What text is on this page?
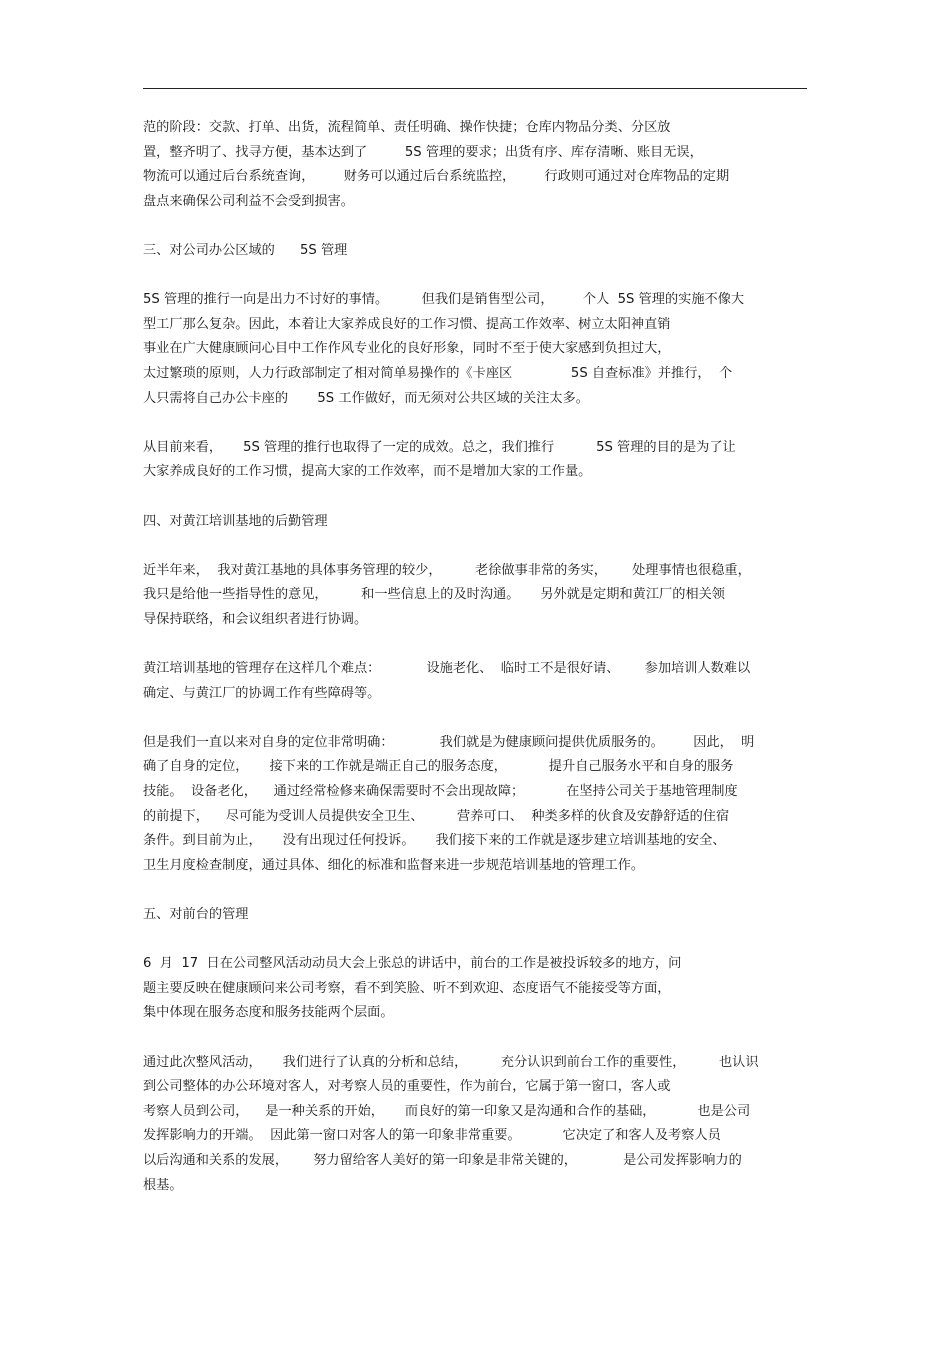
范的阶段：交款、打单、出货，流程简单、责任明确、操作快捷；仓库内物品分类、分区放
置，整齐明了、找寻方便，基本达到了         5S 管理的要求；出货有序、库存清晰、账目无误，
物流可以通过后台系统查询，       财务可以通过后台系统监控，       行政则可通过对仓库物品的定期
盘点来确保公司利益不会受到损害。
三、对公司办公区域的      5S 管理
5S 管理的推行一向是出力不讨好的事情。        但我们是销售型公司，       个人  5S 管理的实施不像大
型工厂那么复杂。因此，本着让大家养成良好的工作习惯、提高工作效率、树立太阳神直销
事业在广大健康顾问心目中工作作风专业化的良好形象，同时不至于使大家感到负担过大，
太过繁琐的原则，人力行政部制定了相对简单易操作的《卡座区              5S 自查标准》并推行，  个
人只需将自己办公卡座的       5S 工作做好，而无须对公共区域的关注太多。
从目前来看，     5S 管理的推行也取得了一定的成效。总之，我们推行          5S 管理的目的是为了让
大家养成良好的工作习惯，提高大家的工作效率，而不是增加大家的工作量。
四、对黄江培训基地的后勤管理
近半年来，  我对黄江基地的具体事务管理的较少，        老徐做事非常的务实，      处理事情也很稳重，
我只是给他一些指导性的意见，        和一些信息上的及时沟通。     另外就是定期和黄江厂的相关领
导保持联络，和会议组织者进行协调。
黄江培训基地的管理存在这样几个难点：           设施老化、  临时工不是很好请、      参加培训人数难以
确定、与黄江厂的协调工作有些障碍等。
但是我们一直以来对自身的定位非常明确：           我们就是为健康顾问提供优质服务的。       因此，  明
确了自身的定位，     接下来的工作就是端正自己的服务态度，          提升自己服务水平和自身的服务
技能。  设备老化，    通过经常检修来确保需要时不会出现故障；          在坚持公司关于基地管理制度
的前提下，    尽可能为受训人员提供安全卫生、        营养可口、  种类多样的伙食及安静舒适的住宿
条件。到目前为止，     没有出现过任何投诉。     我们接下来的工作就是逐步建立培训基地的安全、
卫生月度检查制度，通过具体、细化的标准和监督来进一步规范培训基地的管理工作。
五、对前台的管理
6  月  17  日在公司整风活动动员大会上张总的讲话中，前台的工作是被投诉较多的地方，问
题主要反映在健康顾问来公司考察，看不到笑脸、听不到欢迎、态度语气不能接受等方面，
集中体现在服务态度和服务技能两个层面。
通过此次整风活动，     我们进行了认真的分析和总结，        充分认识到前台工作的重要性，        也认识
到公司整体的办公环境对客人，对考察人员的重要性，作为前台，它属于第一窗口，客人或
考察人员到公司，    是一种关系的开始，     而良好的第一印象又是沟通和合作的基础，          也是公司
发挥影响力的开端。  因此第一窗口对客人的第一印象非常重要。          它决定了和客人及考察人员
以后沟通和关系的发展，      努力留给客人美好的第一印象是非常关键的，           是公司发挥影响力的
根基。
